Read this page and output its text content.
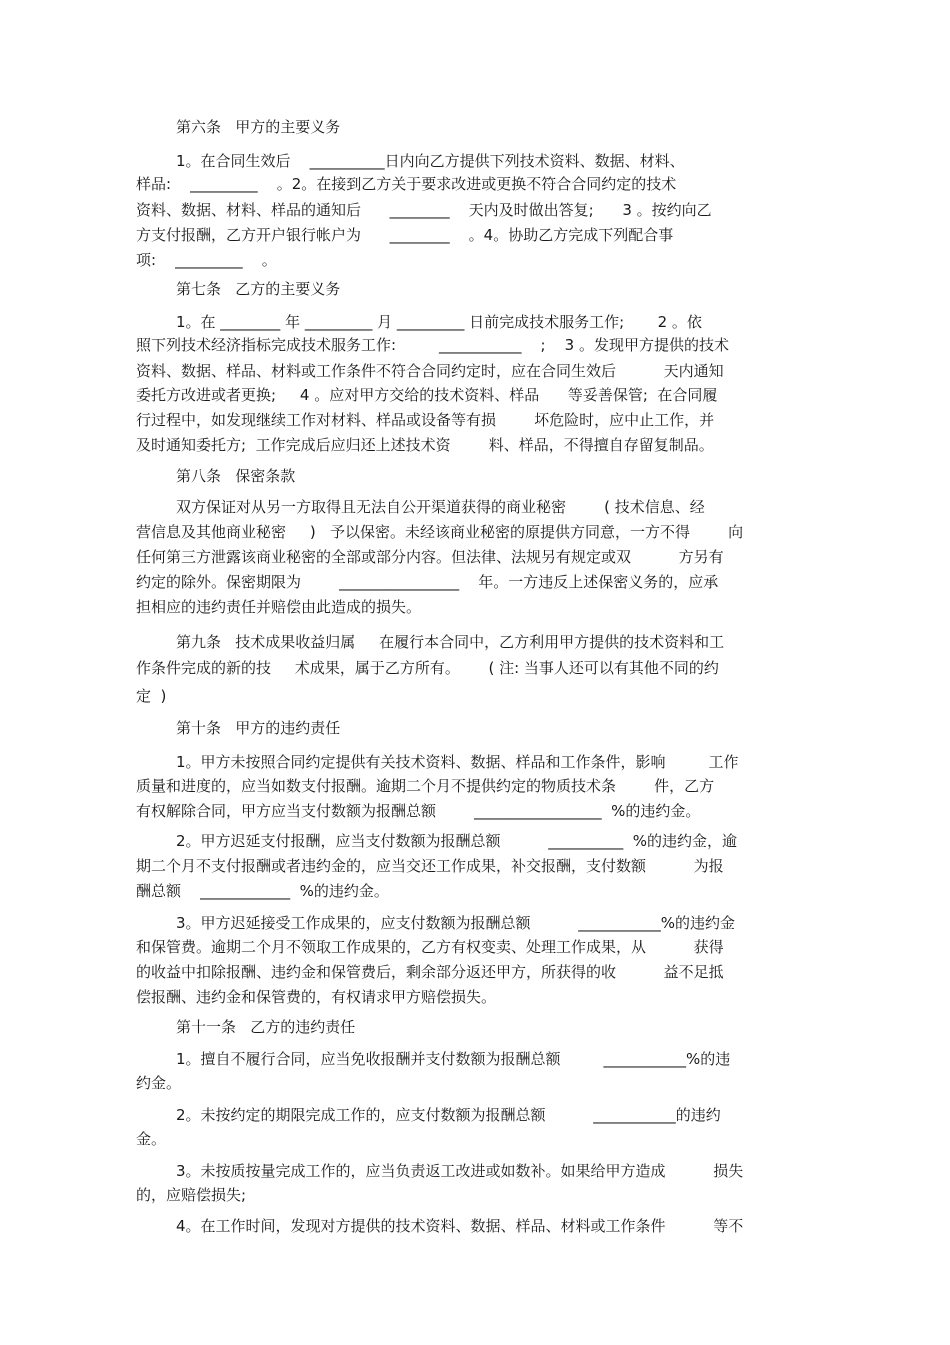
第六条   甲方的主要义务
1。在合同生效后    __________日内向乙方提供下列技术资料、数据、材料、
样品:    _________    。2。在接到乙方关于要求改进或更换不符合合同约定的技术
资料、数据、材料、样品的通知后      ________    天内及时做出答复;      3 。按约向乙
方支付报酬，乙方开户银行帐户为      ________    。4。协助乙方完成下列配合事
项:    _________    。
第七条   乙方的主要义务
1。在 ________ 年 _________ 月 _________ 日前完成技术服务工作;       2 。依
照下列技术经济指标完成技术服务工作:         ___________    ;    3 。发现甲方提供的技术
资料、数据、样品、材料或工作条件不符合合同约定时，应在合同生效后          天内通知
委托方改进或者更换;     4 。应对甲方交给的技术资料、样品      等妥善保管;  在合同履
行过程中，如发现继续工作对材料、样品或设备等有损        坏危险时，应中止工作，并
及时通知委托方;  工作完成后应归还上述技术资        料、样品，不得擅自存留复制品。
第八条   保密条款
双方保证对从另一方取得且无法自公开渠道获得的商业秘密        ( 技术信息、经
营信息及其他商业秘密     )   予以保密。未经该商业秘密的原提供方同意，一方不得        向
任何第三方泄露该商业秘密的全部或部分内容。但法律、法规另有规定或双          方另有
约定的除外。保密期限为        ________________    年。一方违反上述保密义务的，应承
担相应的违约责任并赔偿由此造成的损失。
第九条   技术成果收益归属     在履行本合同中，乙方利用甲方提供的技术资料和工
作条件完成的新的技     术成果，属于乙方所有。      ( 注: 当事人还可以有其他不同的约
定  )
第十条   甲方的违约责任
1。甲方未按照合同约定提供有关技术资料、数据、样品和工作条件，影响         工作
质量和进度的，应当如数支付报酬。逾期二个月不提供约定的物质技术条        件，乙方
有权解除合同，甲方应当支付数额为报酬总额        _________________  %的违约金。
2。甲方迟延支付报酬，应当支付数额为报酬总额          __________  %的违约金，逾
期二个月不支付报酬或者违约金的，应当交还工作成果，补交报酬，支付数额          为报
酬总额    ____________  %的违约金。
3。甲方迟延接受工作成果的，应支付数额为报酬总额          ___________%的违约金
和保管费。逾期二个月不领取工作成果的，乙方有权变卖、处理工作成果，从          获得
的收益中扣除报酬、违约金和保管费后，剩余部分返还甲方，所获得的收          益不足抵
偿报酬、违约金和保管费的，有权请求甲方赔偿损失。
第十一条   乙方的违约责任
1。擅自不履行合同，应当免收报酬并支付数额为报酬总额         ___________%的违
约金。
2。未按约定的期限完成工作的，应支付数额为报酬总额          ___________的违约
金。
3。未按质按量完成工作的，应当负责返工改进或如数补。如果给甲方造成          损失
的，应赔偿损失;
4。在工作时间，发现对方提供的技术资料、数据、样品、材料或工作条件          等不
